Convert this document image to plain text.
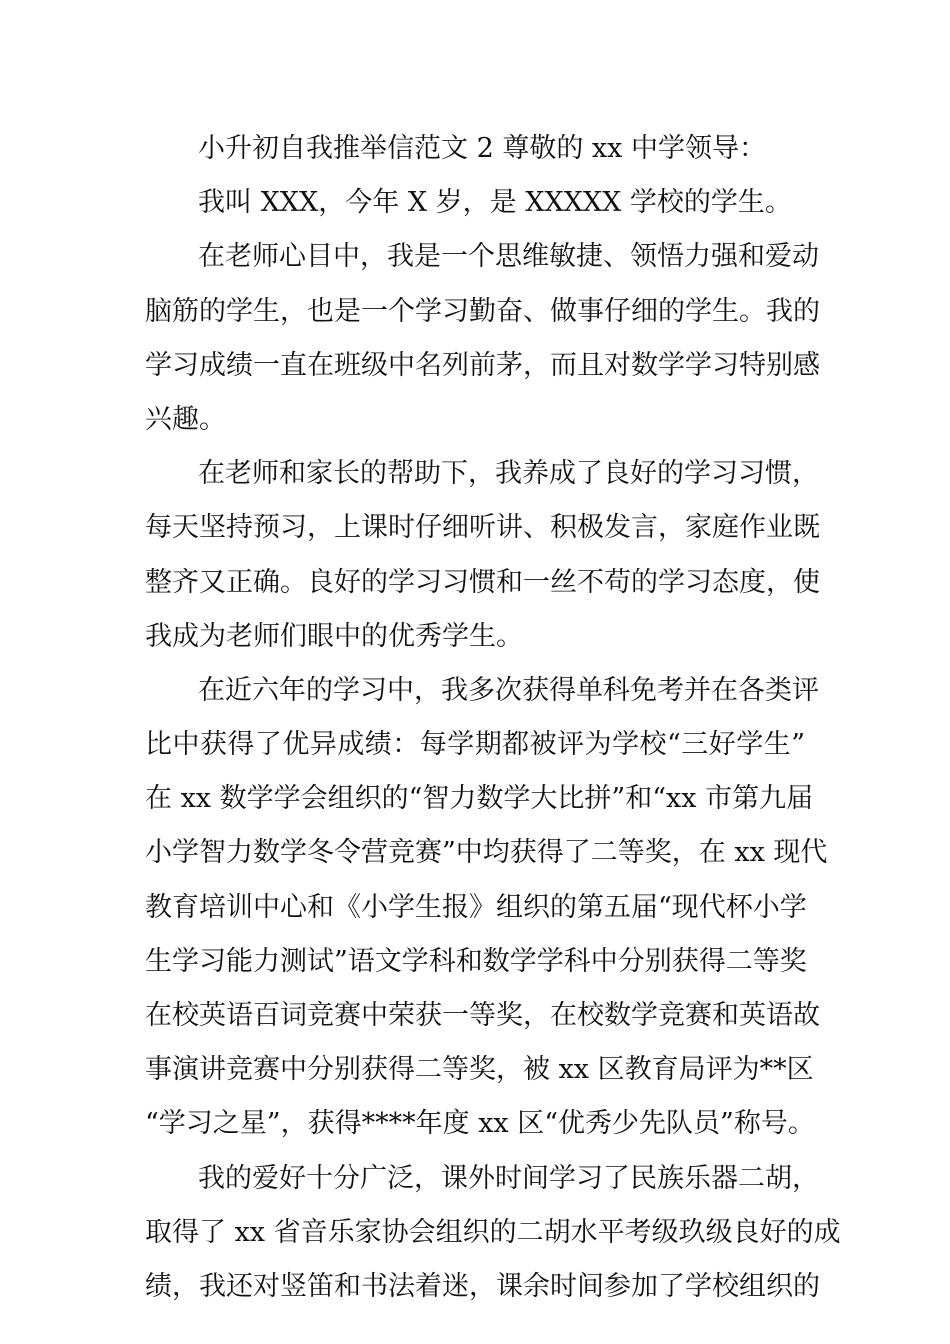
小升初自我推举信范文 2 尊敬的 xx 中学领导：
我叫 XXX，今年 X 岁，是 XXXXX 学校的学生。
在老师心目中，我是一个思维敏捷、领悟力强和爱动
脑筋的学生，也是一个学习勤奋、做事仔细的学生。我的
学习成绩一直在班级中名列前茅，而且对数学学习特别感
兴趣。
在老师和家长的帮助下，我养成了良好的学习习惯，
每天坚持预习，上课时仔细听讲、积极发言，家庭作业既
整齐又正确。良好的学习习惯和一丝不苟的学习态度，使
我成为老师们眼中的优秀学生。
在近六年的学习中，我多次获得单科免考并在各类评
比中获得了优异成绩：每学期都被评为学校“三好学生”
在 xx 数学学会组织的“智力数学大比拼”和“xx 市第九届
小学智力数学冬令营竞赛”中均获得了二等奖，在 xx 现代
教育培训中心和《小学生报》组织的第五届“现代杯小学
生学习能力测试”语文学科和数学学科中分别获得二等奖
在校英语百词竞赛中荣获一等奖，在校数学竞赛和英语故
事演讲竞赛中分别获得二等奖，被 xx 区教育局评为**区
“学习之星”，获得****年度 xx 区“优秀少先队员”称号。
我的爱好十分广泛，课外时间学习了民族乐器二胡，
取得了 xx 省音乐家协会组织的二胡水平考级玖级良好的成
绩，我还对竖笛和书法着迷，课余时间参加了学校组织的
